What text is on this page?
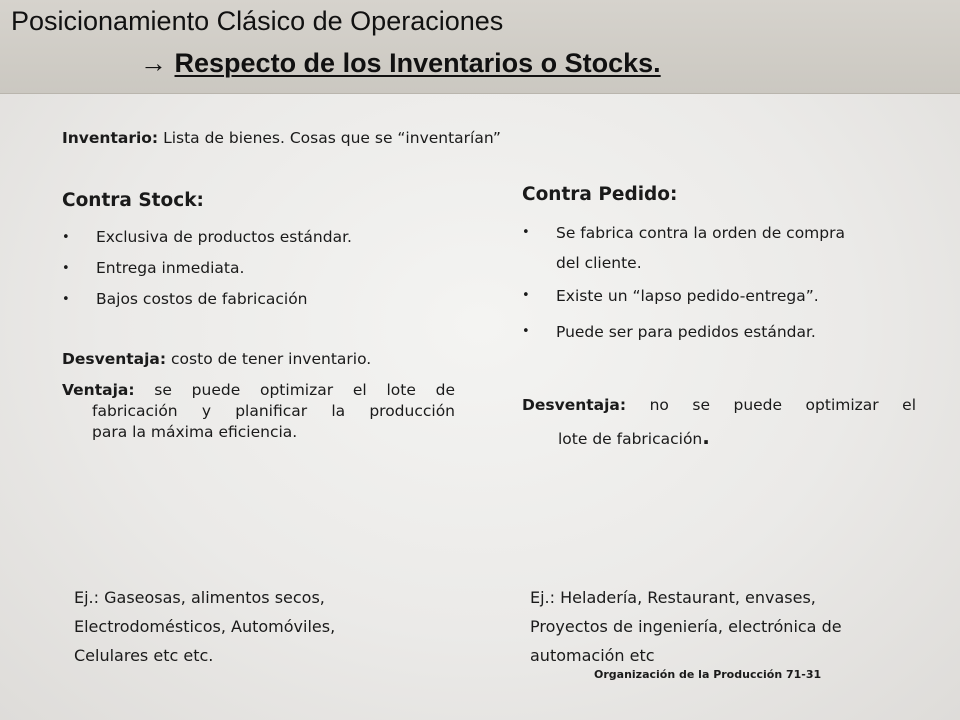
Posicionamiento Clásico de Operaciones
→ Respecto de los Inventarios o Stocks.
Inventario: Lista de bienes. Cosas que se “inventarían”
Contra Stock:
• Exclusiva de productos estándar.
• Entrega inmediata.
• Bajos costos de fabricación
Desventaja: costo de tener inventario.
Ventaja: se puede optimizar el lote de
fabricación y planificar la producción
para la máxima eficiencia.
Ej.: Gaseosas, alimentos secos,
Electrodomésticos, Automóviles,
Celulares etc etc.
Contra Pedido:
• Se fabrica contra la orden de compra
del cliente.
• Existe un “lapso pedido-entrega”.
• Puede ser para pedidos estándar.
Desventaja: no se puede optimizar el
lote de fabricación.
Ej.: Heladería, Restaurant, envases,
Proyectos de ingeniería, electrónica de
automación etc
Organización de la Producción 71-31
